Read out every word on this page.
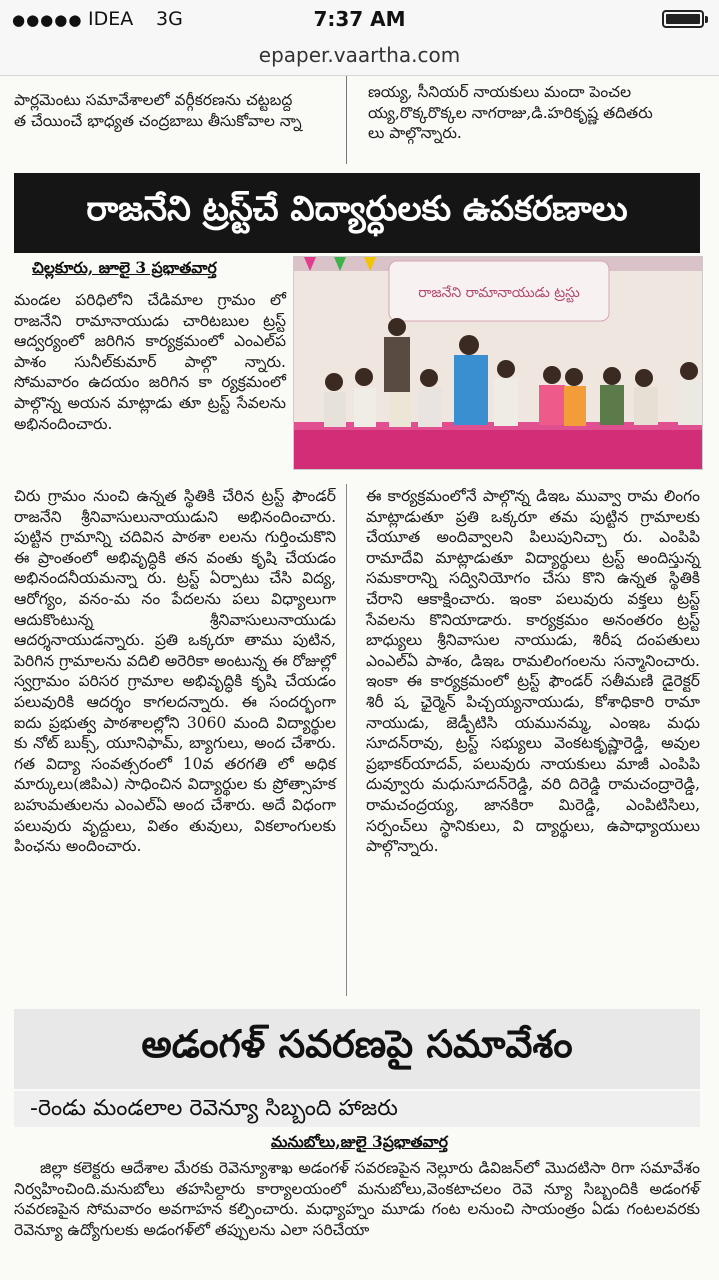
●●●●● IDEA 3G	7:37 AM
epaper.vaartha.com

పార్లమెంటు సమావేశాలలో వర్గీకరణను చట్టబద్ద

త చేయించే భాధ్యత చంద్రబాబు తీసుకోవాల న్నా

ణయ్య, సీనియర్ నాయకులు మందా పెంచల

య్య,రొక్కరొక్కల నాగరాజు,డి.హరికృష్ణ తదితరు

లు పాల్గొన్నారు.

రాజనేని ట్రస్ట్‌చే విద్యార్ధులకు ఉపకరణాలు
చిల్లకూరు, జూలై 3 ప్రభాతవార్త
రాజనేని రామానాయుడు ట్రస్టు
మండల పరిధిలోని చేడిమాల గ్రామం లో రాజనేని రామానాయుడు చారిటబుల ట్రస్ట్ ఆద్వర్యంలో జరిగిన కార్యక్రమంలో ఎంఎల్‌ప పాశం సునీల్‌కుమార్ పాల్గొ న్నారు. సోమవారం ఉదయం జరిగిన కా ర్యక్రమంలో పాల్గొన్న అయన మాట్లాడు తూ ట్రస్ట్ సేవలను అభినందించారు.
చిరు గ్రామం నుంచి ఉన్నత స్థితికి చేరిన ట్రస్ట్ ఫౌండర్ రాజనేని శ్రీనివాసులునాయుడుని అభినందించారు. పుట్టిన గ్రామాన్ని చదివిన పాఠశా లలను గుర్తించుకొని ఈ ప్రాంతంలో అభివృద్ధికి తన వంతు కృషి చేయడం అభినందనీయమన్నా రు. ట్రస్ట్ ఏర్పాటు చేసి విద్య, ఆరోగ్యం, వనం-మ నం పేదలను పలు విధ్యాలుగా ఆదుకొంటున్న శ్రీనివాసులునాయుడు ఆదర్శనాయుడన్నారు. ప్రతి ఒక్కరూ తాము పుటిన, పెరిగిన గ్రామాలను వదిలి అరెరికా అంటున్న ఈ రోజుల్లో స్వగ్రామం పరిసర గ్రామాల అభివృద్ధికి కృషి చేయడం పలువురికి ఆదర్శం కాగలదన్నారు. ఈ సందర్భంగా ఐదు ప్రభుత్వ పాఠశాలల్లోని 3060 మంది విద్యార్థుల కు నోట్ బుక్స్, యూనిఫామ్, బ్యాగులు, అంద చేశారు. గత విద్యా సంవత్సరంలో 10వ తరగతి లో అధిక మార్కులు(జిపిఎ) సాధించిన విద్యార్థుల కు ప్రోత్సాహక బహుమతులను ఎంఎల్‌ఏ అంద చేశారు. అదే విధంగా పలువురు వృద్దులు, వితం తువులు, వికలాంగులకు పింఛను అందించారు.
ఈ కార్యక్రమంలోనే పాల్గొన్న డిఇఒ మువ్వా రామ లింగం మాట్లాడుతూ ప్రతి ఒక్కరూ తమ పుట్టిన గ్రామాలకు చేయూత అందివ్వాలని పిలుపునిచ్చా రు. ఎంపిపి రామాదేవి మాట్లాడుతూ విద్యార్థులు ట్రస్ట్ అందిస్తున్న సమకారాన్ని సద్వినియోగం చేసు కొని ఉన్నత స్థితికి చేరాని ఆకాక్షించారు. ఇంకా పలువురు వక్తలు ట్రస్ట్ సేవలను కొనియాడారు. కార్యక్రమం అనంతరం ట్రస్ట్ బాధ్యులు శ్రీనివాసుల నాయుడు, శిరీష దంపతులు ఎంఎల్‌ఏ పాశం, డిఇఒ రామలింగంలను సన్మానించారు. ఇంకా ఈ కార్యక్రమంలో ట్రస్ట్ ఫౌండర్ సతీమణి డైరెక్టర్ శిరీ ష, ఛైర్మెన్ పిచ్చయ్యనాయుడు, కోశాధికారి రామా నాయుడు, జెడ్పీటిసి యమునమ్మ, ఎంఇఒ మధు సూదన్‌రావు, ట్రస్ట్ సభ్యులు వెంకటకృష్ణారెడ్డి, అవుల ప్రభాకర్‌యాదవ్, పలువురు నాయకులు మాజీ ఎంపిపి దువ్వూరు మధుసూదన్‌రెడ్డి, వరి దిరెడ్డి రామచంద్రారెడ్డి, రామచంద్రయ్య, జానకిరా మిరెడ్డి, ఎంపిటిసిలు, సర్పంచ్‌లు స్థానికులు, వి ద్యార్థులు, ఉపాధ్యాయులు పాల్గొన్నారు.
అడంగళ్ సవరణపై సమావేశం
-రెండు మండలాల రెవెన్యూ సిబ్బంది హాజరు
మనుబోలు,జులై 3ప్రభాతవార్త
జిల్లా కలెక్టరు ఆదేశాల మేరకు రెవెన్యూశాఖ అడంగళ్ సవరణపైన నెల్లూరు డివిజన్‌లో మొదటిసా రిగా సమావేశం నిర్వహించింది.మనుబోలు తహసిల్దారు కార్యాలయంలో మనుబోలు,వెంకటాచలం రెవె న్యూ సిబ్బందికి అడంగళ్ సవరణపైన సోమవారం అవగాహన కల్పించారు. మధ్యాహ్నం మూడు గంట లనుంచి సాయంత్రం ఏడు గంటలవరకు రెవెన్యూ ఉద్యోగులకు అడంగళ్‌లో తప్పులను ఎలా సరిచేయా
